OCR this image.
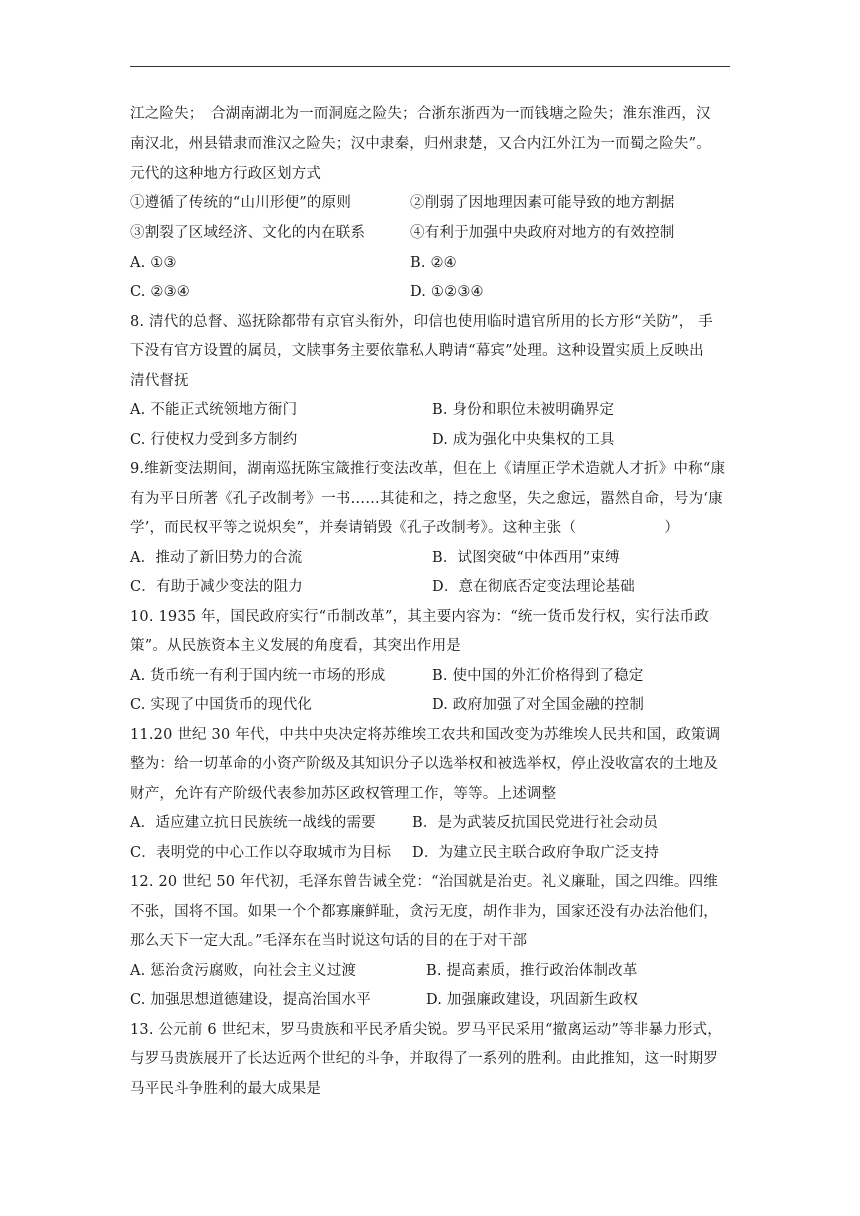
江之险失；　合湖南湖北为一而洞庭之险失；合浙东浙西为一而钱塘之险失；淮东淮西，汉
南汉北，州县错隶而淮汉之险失；汉中隶秦，归州隶楚，又合内江外江为一而蜀之险失”。
元代的这种地方行政区划方式
①遵循了传统的“山川形便”的原则	②削弱了因地理因素可能导致的地方割据
③割裂了区域经济、文化的内在联系	④有利于加强中央政府对地方的有效控制
A. ①③	B. ②④
C. ②③④	D. ①②③④
8. 清代的总督、巡抚除都带有京官头衔外，印信也使用临时遣官所用的长方形“关防”， 手
下没有官方设置的属员，文牍事务主要依靠私人聘请“幕宾”处理。这种设置实质上反映出
清代督抚
A. 不能正式统领地方衙门	B. 身份和职位未被明确界定
C. 行使权力受到多方制约	D. 成为强化中央集权的工具
9.维新变法期间，湖南巡抚陈宝箴推行变法改革，但在上《请厘正学术造就人才折》中称“康
有为平日所著《孔子改制考》一书……其徒和之，持之愈坚，失之愈远，嚣然自命，号为‘康
学’，而民权平等之说炽矣”，并奏请销毁《孔子改制考》。这种主张（　　　　　　）
A．推动了新旧势力的合流	B．试图突破“中体西用”束缚
C．有助于减少变法的阻力	D．意在彻底否定变法理论基础
10. 1935 年，国民政府实行“币制改革”，其主要内容为：“统一货币发行权，实行法币政
策”。从民族资本主义发展的角度看，其突出作用是
A. 货币统一有利于国内统一市场的形成	B. 使中国的外汇价格得到了稳定
C. 实现了中国货币的现代化	D. 政府加强了对全国金融的控制
11.20 世纪 30 年代，中共中央决定将苏维埃工农共和国改变为苏维埃人民共和国，政策调
整为：给一切革命的小资产阶级及其知识分子以选举权和被选举权，停止没收富农的土地及
财产，允许有产阶级代表参加苏区政权管理工作，等等。上述调整
A．适应建立抗日民族统一战线的需要 B．是为武装反抗国民党进行社会动员
C．表明党的中心工作以夺取城市为目标 D．为建立民主联合政府争取广泛支持
12. 20 世纪 50 年代初，毛泽东曾告诫全党：“治国就是治吏。礼义廉耻，国之四维。四维
不张，国将不国。如果一个个都寡廉鲜耻，贪污无度，胡作非为，国家还没有办法治他们，
那么天下一定大乱。”毛泽东在当时说这句话的目的在于对干部
A. 惩治贪污腐败，向社会主义过渡	B. 提高素质，推行政治体制改革
C. 加强思想道德建设，提高治国水平	D. 加强廉政建设，巩固新生政权
13. 公元前 6 世纪末，罗马贵族和平民矛盾尖锐。罗马平民采用“撤离运动”等非暴力形式，
与罗马贵族展开了长达近两个世纪的斗争，并取得了一系列的胜利。由此推知，这一时期罗
马平民斗争胜利的最大成果是
